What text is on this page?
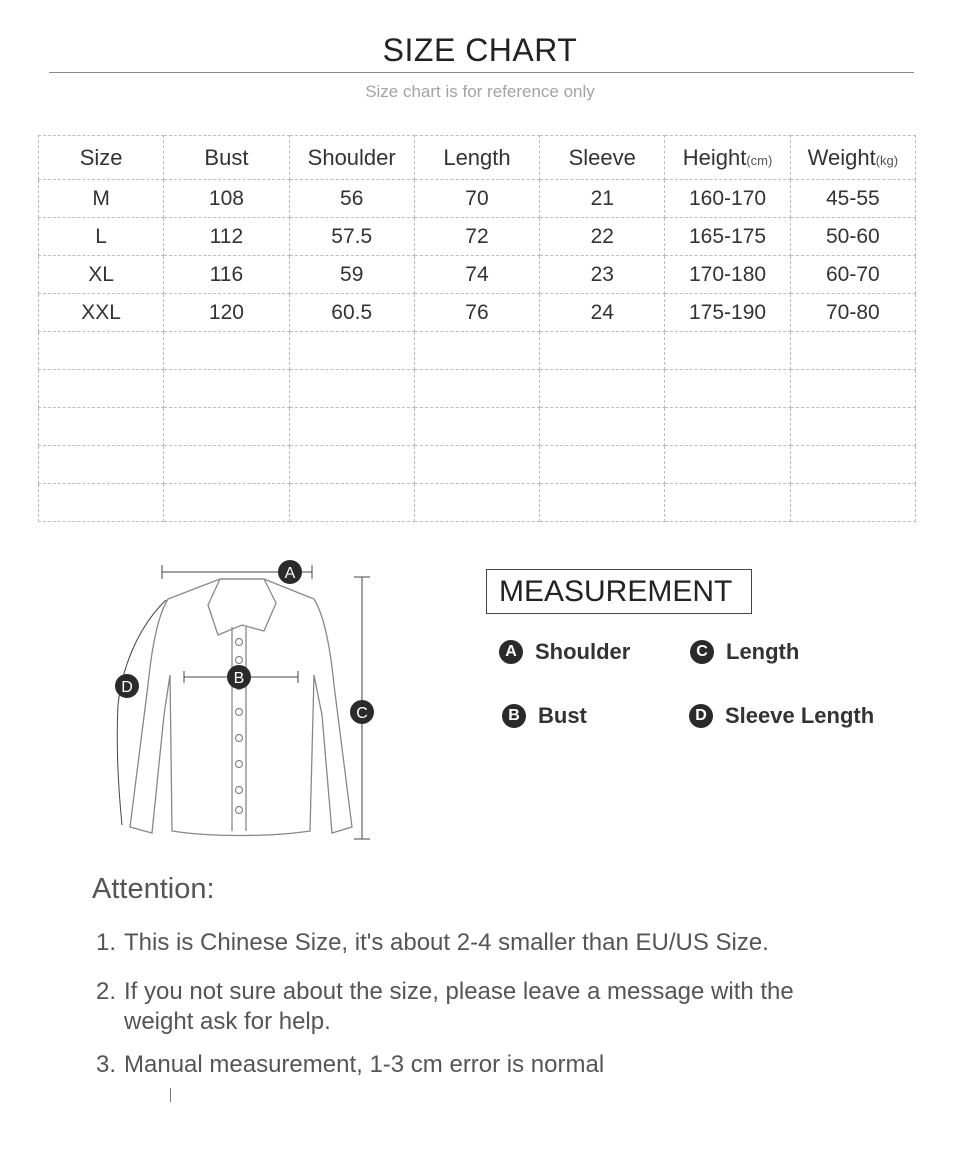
SIZE CHART
Size chart is for reference only
Size	Bust	Shoulder	Length	Sleeve	Height(cm)	Weight(kg)
M	108	56	70	21	160-170	45-55
L	112	57.5	72	22	165-175	50-60
XL	116	59	74	23	170-180	60-70
XXL	120	60.5	76	24	175-190	70-80

A
B
C
D
MEASUREMENT
A Shoulder	C Length
B Bust	D Sleeve Length
Attention:
1. This is Chinese Size, it's about 2-4 smaller than EU/US Size.
2. If you not sure about the size, please leave a message with the weight ask for help.
3. Manual measurement, 1-3 cm error is normal
